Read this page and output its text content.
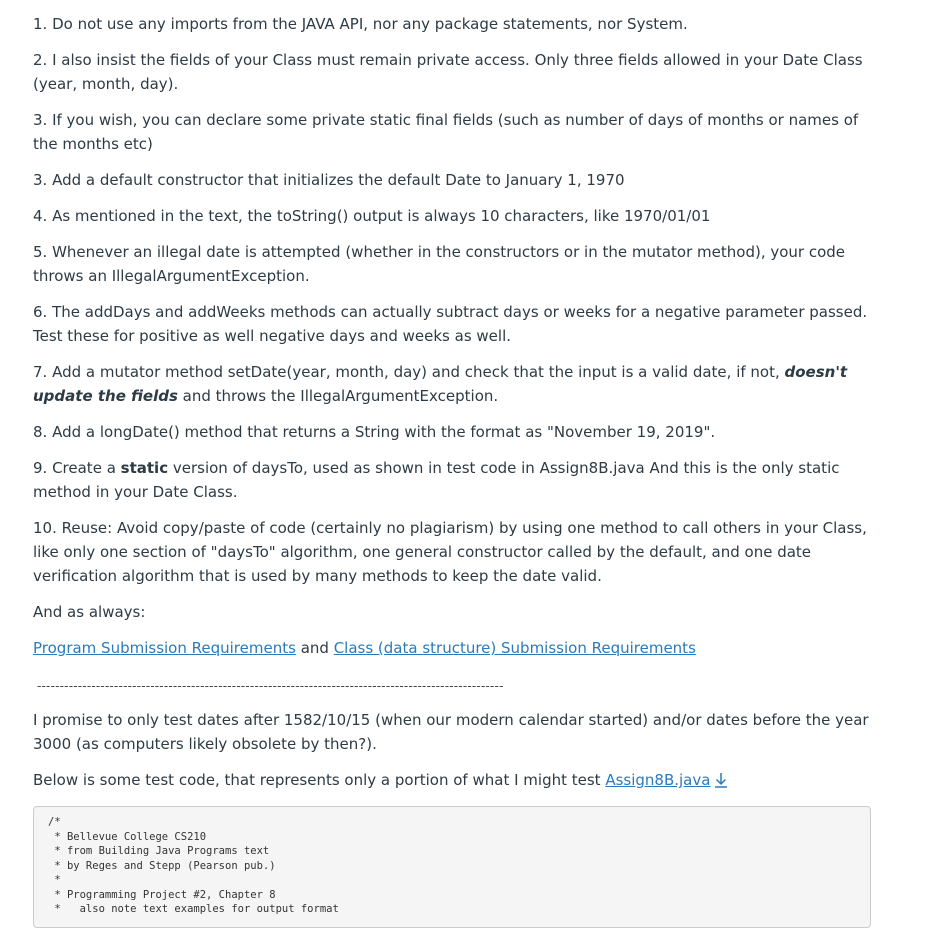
1. Do not use any imports from the JAVA API, nor any package statements, nor System.

2. I also insist the fields of your Class must remain private access. Only three fields allowed in your Date Class (year, month, day).

3. If you wish, you can declare some private static final fields (such as number of days of months or names of the months etc)

3. Add a default constructor that initializes the default Date to January 1, 1970

4. As mentioned in the text, the toString() output is always 10 characters, like 1970/01/01

5. Whenever an illegal date is attempted (whether in the constructors or in the mutator method), your code throws an IllegalArgumentException.

6. The addDays and addWeeks methods can actually subtract days or weeks for a negative parameter passed. Test these for positive as well negative days and weeks as well.

7. Add a mutator method setDate(year, month, day) and check that the input is a valid date, if not, doesn't update the fields and throws the IllegalArgumentException.

8. Add a longDate() method that returns a String with the format as "November 19, 2019".

9. Create a static version of daysTo, used as shown in test code in Assign8B.java And this is the only static method in your Date Class.

10. Reuse: Avoid copy/paste of code (certainly no plagiarism) by using one method to call others in your Class, like only one section of "daysTo" algorithm, one general constructor called by the default, and one date verification algorithm that is used by many methods to keep the date valid.

And as always:

Program Submission Requirements and Class (data structure) Submission Requirements

-------------------------------------------------------------------------------------------------------

I promise to only test dates after 1582/10/15 (when our modern calendar started) and/or dates before the year 3000 (as computers likely obsolete by then?).

Below is some test code, that represents only a portion of what I might test Assign8B.java

/*
* Bellevue College CS210
* from Building Java Programs text
* by Reges and Stepp (Pearson pub.)
*
* Programming Project #2, Chapter 8
*   also note text examples for output format
